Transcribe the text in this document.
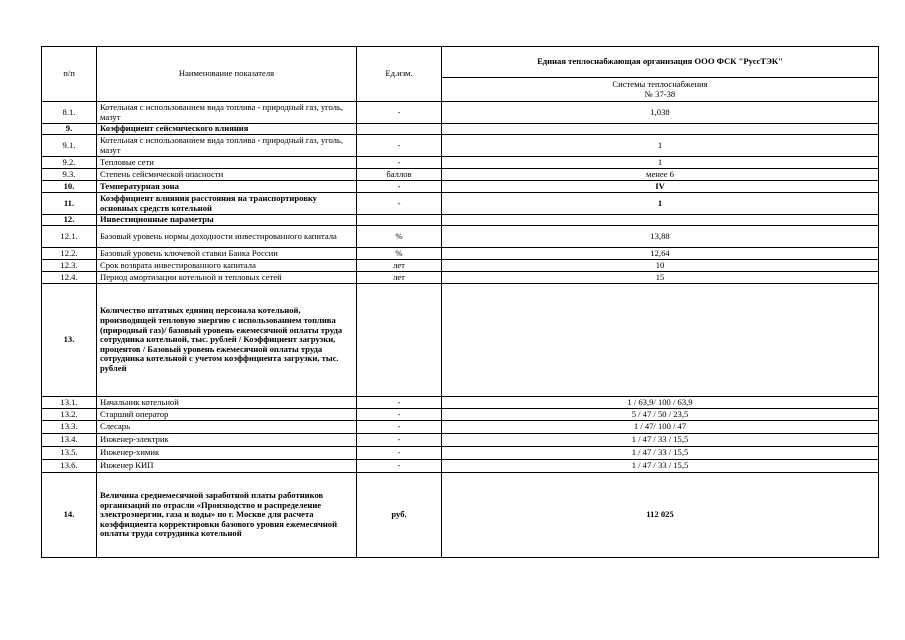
п/п	Наименование показателя	Ед.изм.	Единая теплоснабжающая организация ООО ФСК "РуссТЭК"

			Системы теплоснабжения
№ 37-38

8.1.	Котельная с использованием вида топлива - природный газ, уголь, мазут	-	1,038
9.	Коэффициент сейсмического влияния		
9.1.	Котельная с использованием вида топлива - природный газ, уголь, мазут	-	1
9.2.	Тепловые сети	-	1
9.3.	Степень сейсмической опасности	баллов	менее 6
10.	Температурная зона	-	IV
11.	Коэффициент влияния расстояния на транспортировку основных средств котельной	-	1
12.	Инвестиционные параметры		
12.1.	Базовый уровень нормы доходности инвестированного капитала	%	13,88
12.2.	Базовый уровень ключевой ставки Банка России	%	12,64
12.3.	Срок возврата инвестированного капитала	лет	10
12.4.	Период амортизации котельной и тепловых сетей	лет	15
13.	Количество штатных единиц персонала котельной, производящей тепловую энергию с использованием топлива (природный газ)/ базовый уровень ежемесячной оплаты труда сотрудника котельной, тыс. рублей / Коэффициент загрузки, процентов / Базовый уровень ежемесячной оплаты труда сотрудника котельной с учетом коэффициента загрузки, тыс. рублей		
13.1.	Начальник котельной	-	1 / 63,9/ 100 / 63,9
13.2.	Старший оператор	-	5 / 47 / 50 / 23,5
13.3.	Слесарь	-	1 / 47/ 100 / 47
13.4.	Инженер-электрик	-	1 / 47 / 33 / 15,5
13.5.	Инженер-химик	-	1 / 47 / 33 / 15,5
13.6.	Инженер КИП	-	1 / 47 / 33 / 15,5
14.	Величина среднемесячной заработной платы работников организаций по отрасли «Производство и распределение электроэнергии, газа и воды» по г. Москве для расчета коэффициента корректировки базового уровня ежемесячной оплаты труда сотрудника котельной	руб.	112 025
